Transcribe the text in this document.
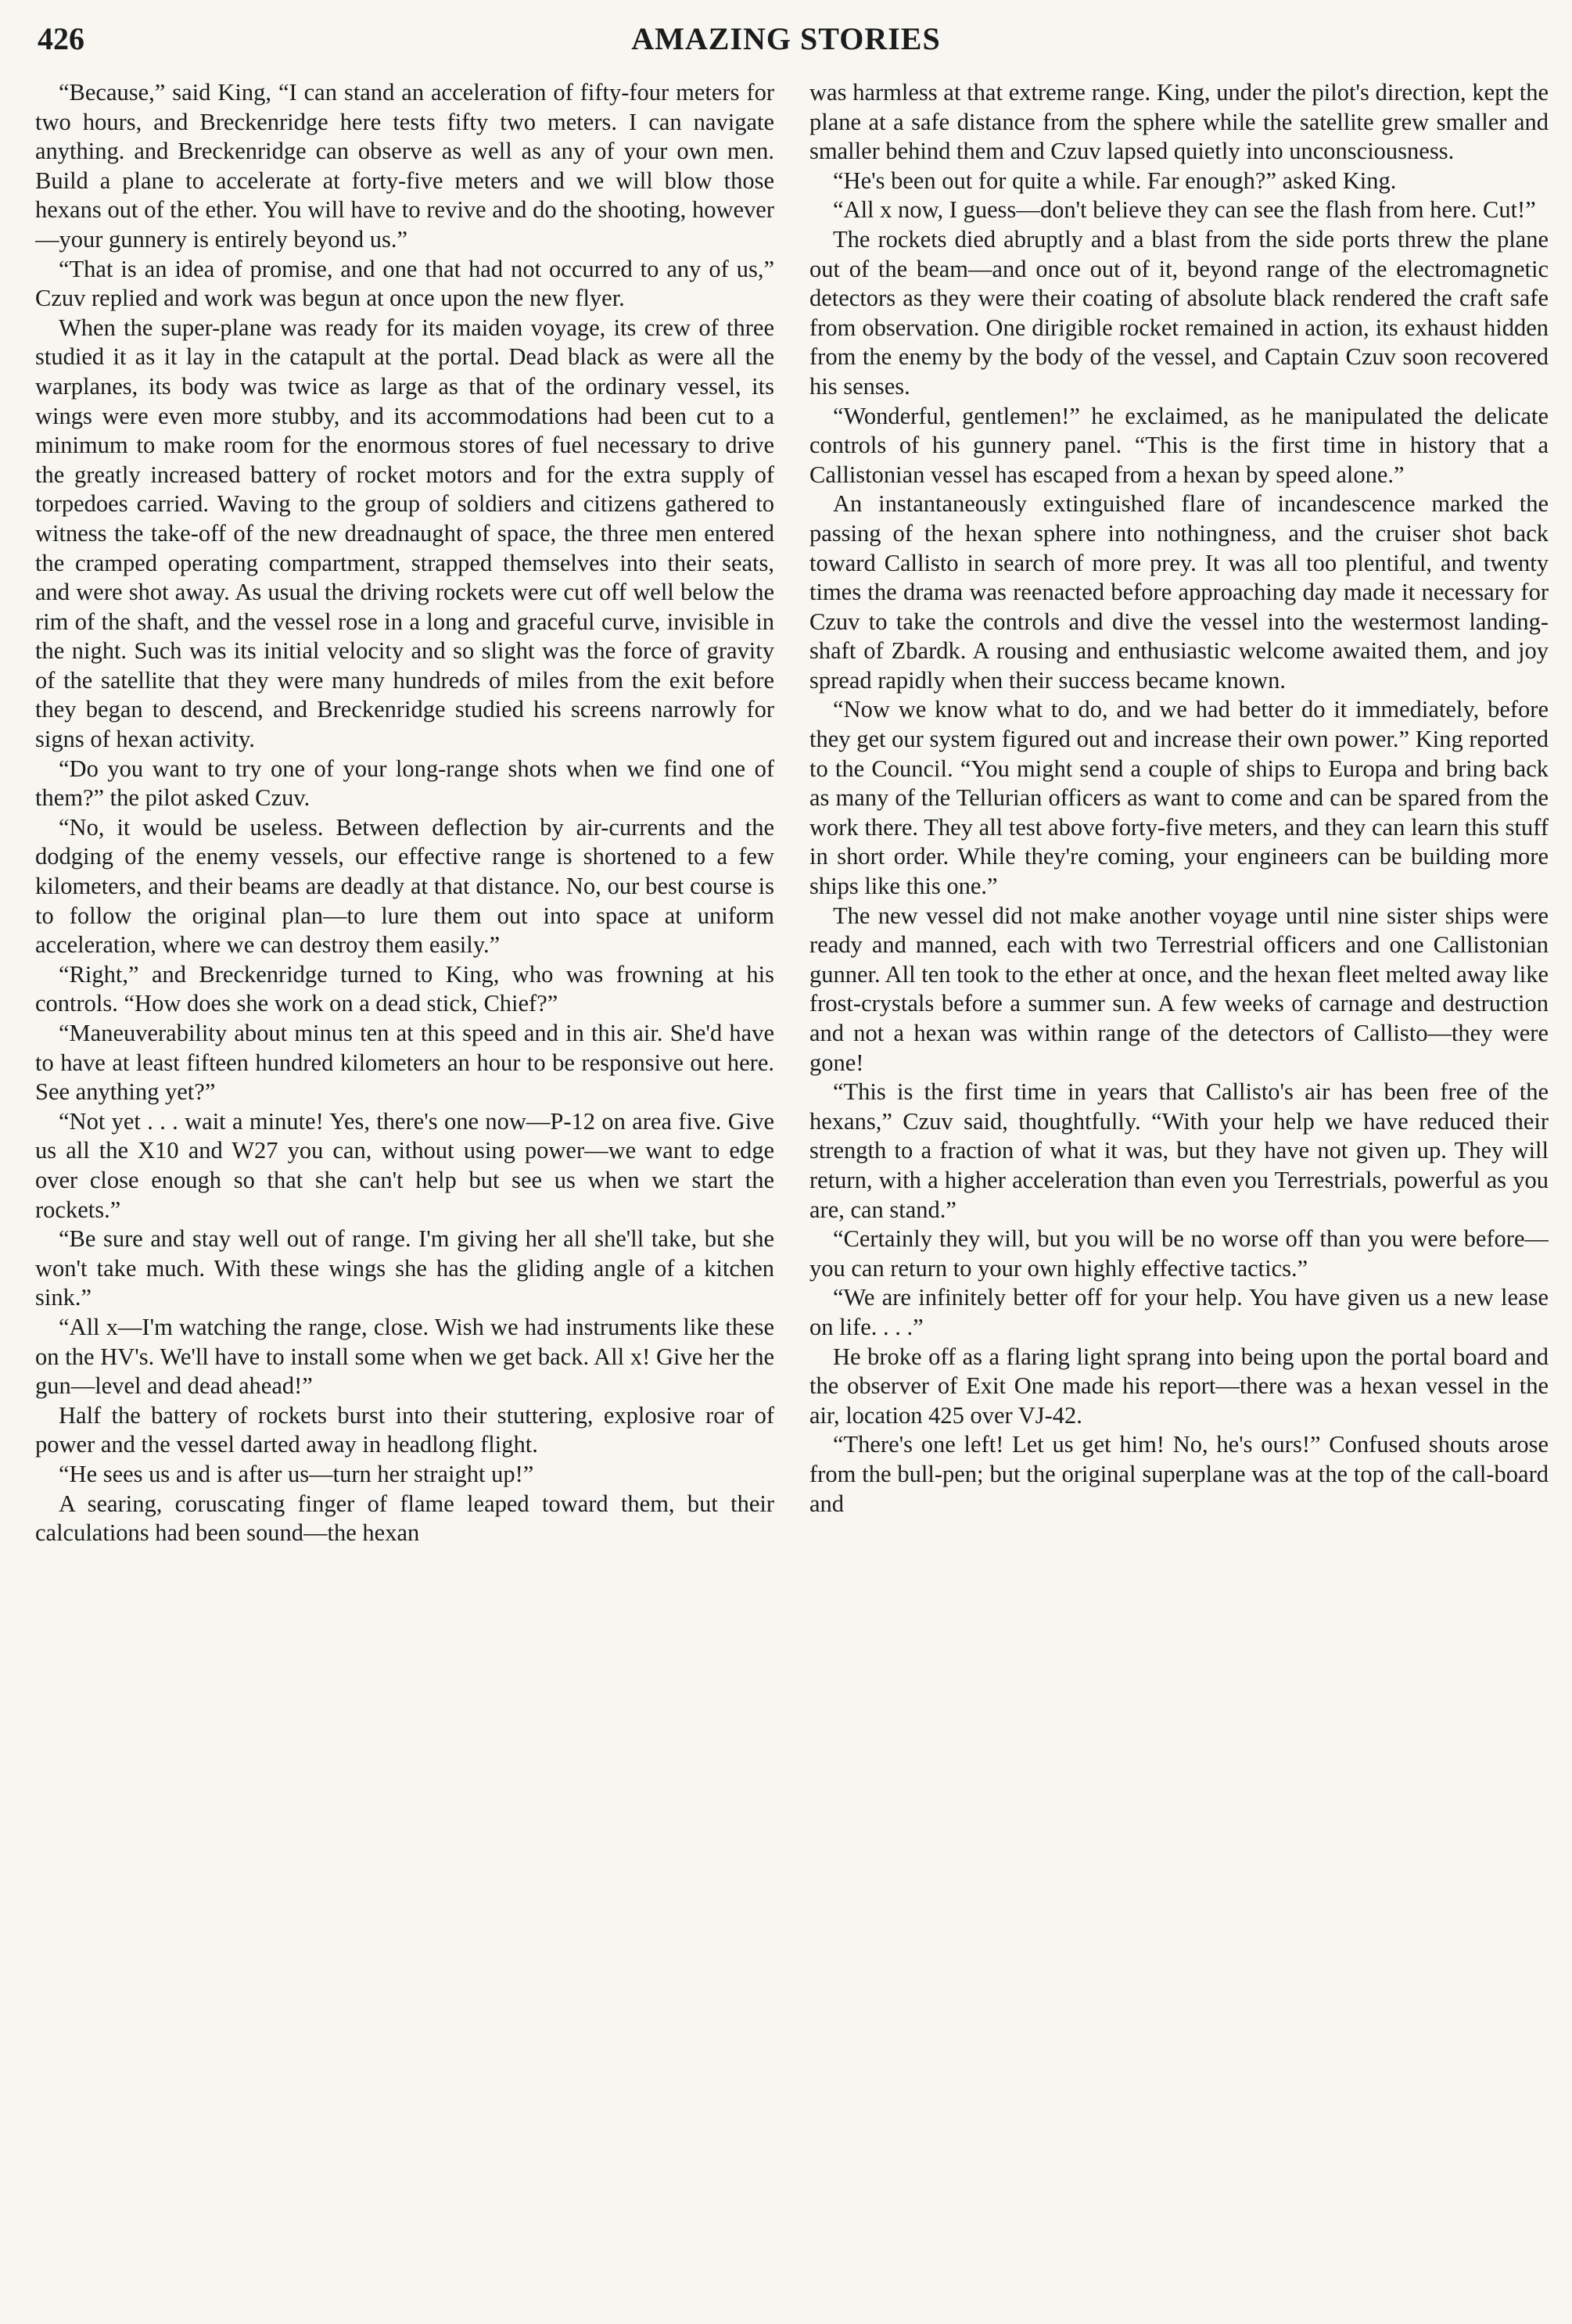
426	AMAZING STORIES

“Because,” said King, “I can stand an acceleration of fifty-four meters for two hours, and Breckenridge here tests fifty two meters. I can navigate anything. and Breckenridge can observe as well as any of your own men. Build a plane to accelerate at forty-five meters and we will blow those hexans out of the ether. You will have to revive and do the shooting, however—your gunnery is entirely beyond us.”

“That is an idea of promise, and one that had not occurred to any of us,” Czuv replied and work was begun at once upon the new flyer.

When the super-plane was ready for its maiden voyage, its crew of three studied it as it lay in the catapult at the portal. Dead black as were all the warplanes, its body was twice as large as that of the ordinary vessel, its wings were even more stubby, and its accommodations had been cut to a minimum to make room for the enormous stores of fuel necessary to drive the greatly increased battery of rocket motors and for the extra supply of torpedoes carried. Waving to the group of soldiers and citizens gathered to witness the take-off of the new dreadnaught of space, the three men entered the cramped operating compartment, strapped themselves into their seats, and were shot away. As usual the driving rockets were cut off well below the rim of the shaft, and the vessel rose in a long and graceful curve, invisible in the night. Such was its initial velocity and so slight was the force of gravity of the satellite that they were many hundreds of miles from the exit before they began to descend, and Breckenridge studied his screens narrowly for signs of hexan activity.

“Do you want to try one of your long-range shots when we find one of them?” the pilot asked Czuv.

“No, it would be useless. Between deflection by air-currents and the dodging of the enemy vessels, our effective range is shortened to a few kilometers, and their beams are deadly at that distance. No, our best course is to follow the original plan—to lure them out into space at uniform acceleration, where we can destroy them easily.”

“Right,” and Breckenridge turned to King, who was frowning at his controls. “How does she work on a dead stick, Chief?”

“Maneuverability about minus ten at this speed and in this air. She'd have to have at least fifteen hundred kilometers an hour to be responsive out here. See anything yet?”

“Not yet . . . wait a minute! Yes, there's one now—P-12 on area five. Give us all the X10 and W27 you can, without using power—we want to edge over close enough so that she can't help but see us when we start the rockets.”

“Be sure and stay well out of range. I'm giving her all she'll take, but she won't take much. With these wings she has the gliding angle of a kitchen sink.”

“All x—I'm watching the range, close. Wish we had instruments like these on the HV's. We'll have to install some when we get back. All x! Give her the gun—level and dead ahead!”

Half the battery of rockets burst into their stuttering, explosive roar of power and the vessel darted away in headlong flight.

“He sees us and is after us—turn her straight up!”

A searing, coruscating finger of flame leaped toward them, but their calculations had been sound—the hexan

was harmless at that extreme range. King, under the pilot's direction, kept the plane at a safe distance from the sphere while the satellite grew smaller and smaller behind them and Czuv lapsed quietly into unconsciousness.

“He's been out for quite a while. Far enough?” asked King.

“All x now, I guess—don't believe they can see the flash from here. Cut!”

The rockets died abruptly and a blast from the side ports threw the plane out of the beam—and once out of it, beyond range of the electromagnetic detectors as they were their coating of absolute black rendered the craft safe from observation. One dirigible rocket remained in action, its exhaust hidden from the enemy by the body of the vessel, and Captain Czuv soon recovered his senses.

“Wonderful, gentlemen!” he exclaimed, as he manipulated the delicate controls of his gunnery panel. “This is the first time in history that a Callistonian vessel has escaped from a hexan by speed alone.”

An instantaneously extinguished flare of incandescence marked the passing of the hexan sphere into nothingness, and the cruiser shot back toward Callisto in search of more prey. It was all too plentiful, and twenty times the drama was reenacted before approaching day made it necessary for Czuv to take the controls and dive the vessel into the westermost landing-shaft of Zbardk. A rousing and enthusiastic welcome awaited them, and joy spread rapidly when their success became known.

“Now we know what to do, and we had better do it immediately, before they get our system figured out and increase their own power.” King reported to the Council. “You might send a couple of ships to Europa and bring back as many of the Tellurian officers as want to come and can be spared from the work there. They all test above forty-five meters, and they can learn this stuff in short order. While they're coming, your engineers can be building more ships like this one.”

The new vessel did not make another voyage until nine sister ships were ready and manned, each with two Terrestrial officers and one Callistonian gunner. All ten took to the ether at once, and the hexan fleet melted away like frost-crystals before a summer sun. A few weeks of carnage and destruction and not a hexan was within range of the detectors of Callisto—they were gone!

“This is the first time in years that Callisto's air has been free of the hexans,” Czuv said, thoughtfully. “With your help we have reduced their strength to a fraction of what it was, but they have not given up. They will return, with a higher acceleration than even you Terrestrials, powerful as you are, can stand.”

“Certainly they will, but you will be no worse off than you were before—you can return to your own highly effective tactics.”

“We are infinitely better off for your help. You have given us a new lease on life. . . .”

He broke off as a flaring light sprang into being upon the portal board and the observer of Exit One made his report—there was a hexan vessel in the air, location 425 over VJ-42.

“There's one left! Let us get him! No, he's ours!” Confused shouts arose from the bull-pen; but the original superplane was at the top of the call-board and
